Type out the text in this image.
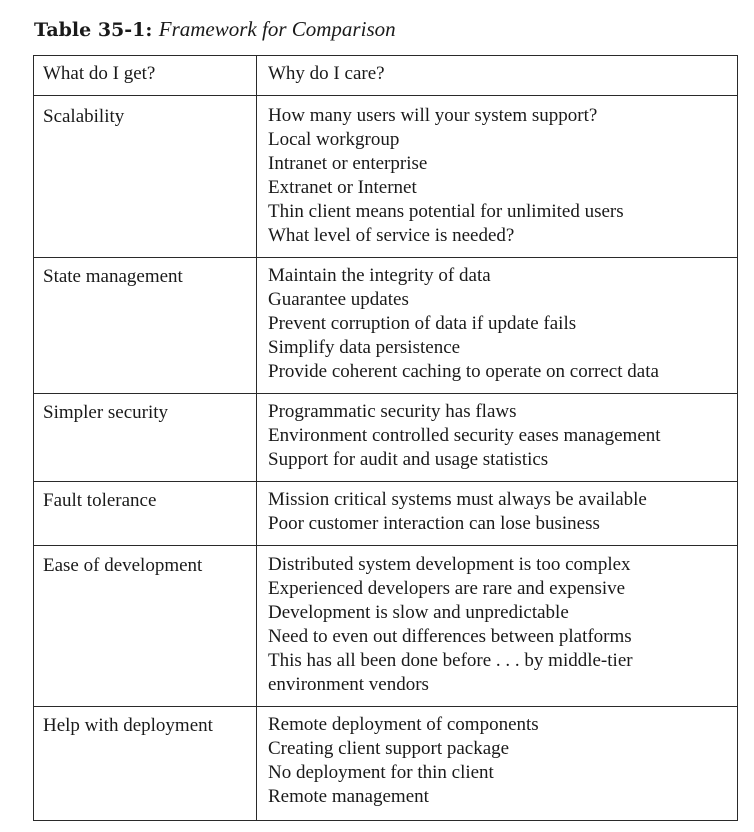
Table 35-1: Framework for Comparison
What do I get?	Why do I care?
Scalability	How many users will your system support?
Local workgroup
Intranet or enterprise
Extranet or Internet
Thin client means potential for unlimited users
What level of service is needed?
State management	Maintain the integrity of data
Guarantee updates
Prevent corruption of data if update fails
Simplify data persistence
Provide coherent caching to operate on correct data
Simpler security	Programmatic security has flaws
Environment controlled security eases management
Support for audit and usage statistics
Fault tolerance	Mission critical systems must always be available
Poor customer interaction can lose business
Ease of development	Distributed system development is too complex
Experienced developers are rare and expensive
Development is slow and unpredictable
Need to even out differences between platforms
This has all been done before . . . by middle-tier
environment vendors
Help with deployment	Remote deployment of components
Creating client support package
No deployment for thin client
Remote management
